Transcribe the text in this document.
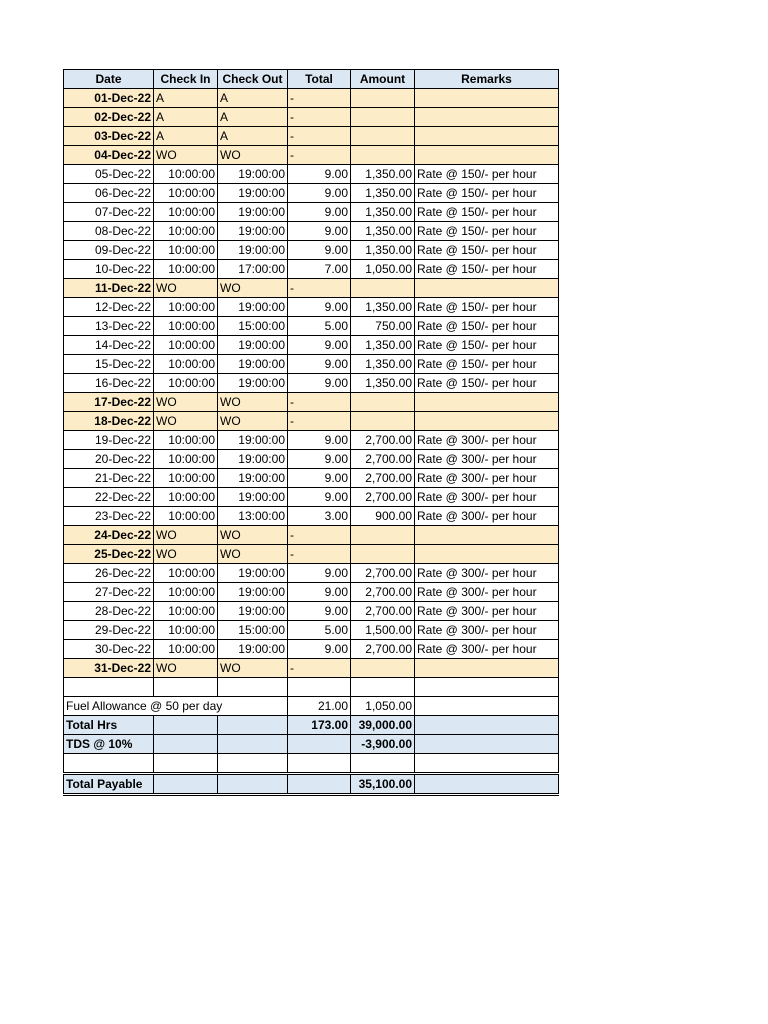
Date	Check In	Check Out	Total	Amount	Remarks
01-Dec-22	A	A	-		
02-Dec-22	A	A	-		
03-Dec-22	A	A	-		
04-Dec-22	WO	WO	-		
05-Dec-22	10:00:00	19:00:00	9.00	1,350.00	Rate @ 150/- per hour
06-Dec-22	10:00:00	19:00:00	9.00	1,350.00	Rate @ 150/- per hour
07-Dec-22	10:00:00	19:00:00	9.00	1,350.00	Rate @ 150/- per hour
08-Dec-22	10:00:00	19:00:00	9.00	1,350.00	Rate @ 150/- per hour
09-Dec-22	10:00:00	19:00:00	9.00	1,350.00	Rate @ 150/- per hour
10-Dec-22	10:00:00	17:00:00	7.00	1,050.00	Rate @ 150/- per hour
11-Dec-22	WO	WO	-		
12-Dec-22	10:00:00	19:00:00	9.00	1,350.00	Rate @ 150/- per hour
13-Dec-22	10:00:00	15:00:00	5.00	750.00	Rate @ 150/- per hour
14-Dec-22	10:00:00	19:00:00	9.00	1,350.00	Rate @ 150/- per hour
15-Dec-22	10:00:00	19:00:00	9.00	1,350.00	Rate @ 150/- per hour
16-Dec-22	10:00:00	19:00:00	9.00	1,350.00	Rate @ 150/- per hour
17-Dec-22	WO	WO	-		
18-Dec-22	WO	WO	-		
19-Dec-22	10:00:00	19:00:00	9.00	2,700.00	Rate @ 300/- per hour
20-Dec-22	10:00:00	19:00:00	9.00	2,700.00	Rate @ 300/- per hour
21-Dec-22	10:00:00	19:00:00	9.00	2,700.00	Rate @ 300/- per hour
22-Dec-22	10:00:00	19:00:00	9.00	2,700.00	Rate @ 300/- per hour
23-Dec-22	10:00:00	13:00:00	3.00	900.00	Rate @ 300/- per hour
24-Dec-22	WO	WO	-		
25-Dec-22	WO	WO	-		
26-Dec-22	10:00:00	19:00:00	9.00	2,700.00	Rate @ 300/- per hour
27-Dec-22	10:00:00	19:00:00	9.00	2,700.00	Rate @ 300/- per hour
28-Dec-22	10:00:00	19:00:00	9.00	2,700.00	Rate @ 300/- per hour
29-Dec-22	10:00:00	15:00:00	5.00	1,500.00	Rate @ 300/- per hour
30-Dec-22	10:00:00	19:00:00	9.00	2,700.00	Rate @ 300/- per hour
31-Dec-22	WO	WO	-		

Fuel Allowance @ 50 per day			21.00	1,050.00	
Total Hrs			173.00	39,000.00	
TDS @ 10%				-3,900.00	

Total Payable				35,100.00	
